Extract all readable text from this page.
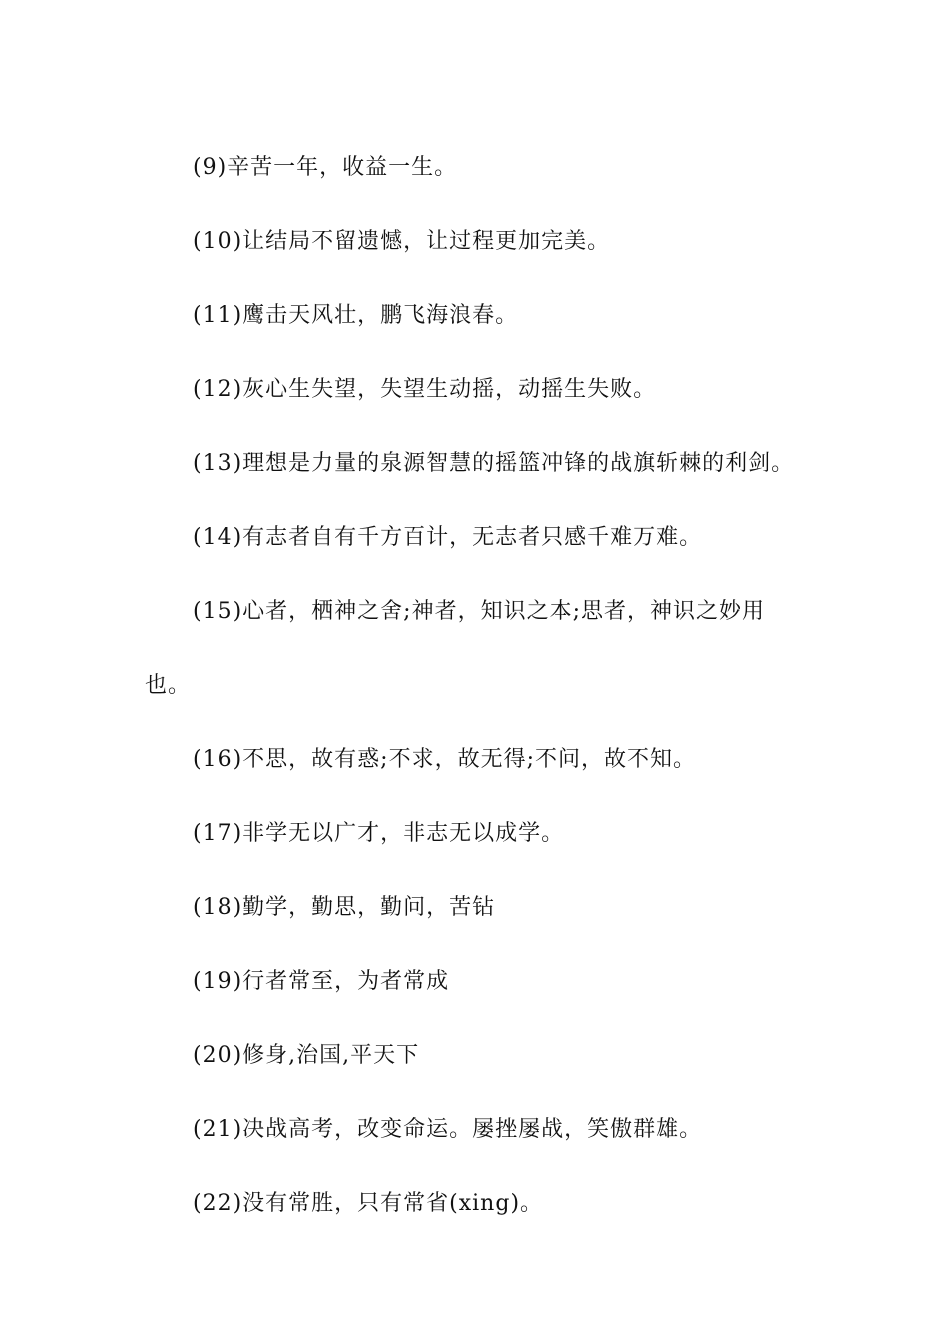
(9)辛苦一年，收益一生。

(10)让结局不留遗憾，让过程更加完美。

(11)鹰击天风壮，鹏飞海浪春。

(12)灰心生失望，失望生动摇，动摇生失败。

(13)理想是力量的泉源智慧的摇篮冲锋的战旗斩棘的利剑。

(14)有志者自有千方百计，无志者只感千难万难。

(15)心者，栖神之舍;神者，知识之本;思者，神识之妙用也。

(16)不思，故有惑;不求，故无得;不问，故不知。

(17)非学无以广才，非志无以成学。

(18)勤学，勤思，勤问，苦钻

(19)行者常至，为者常成

(20)修身,治国,平天下

(21)决战高考，改变命运。屡挫屡战，笑傲群雄。

(22)没有常胜，只有常省(xing)。
